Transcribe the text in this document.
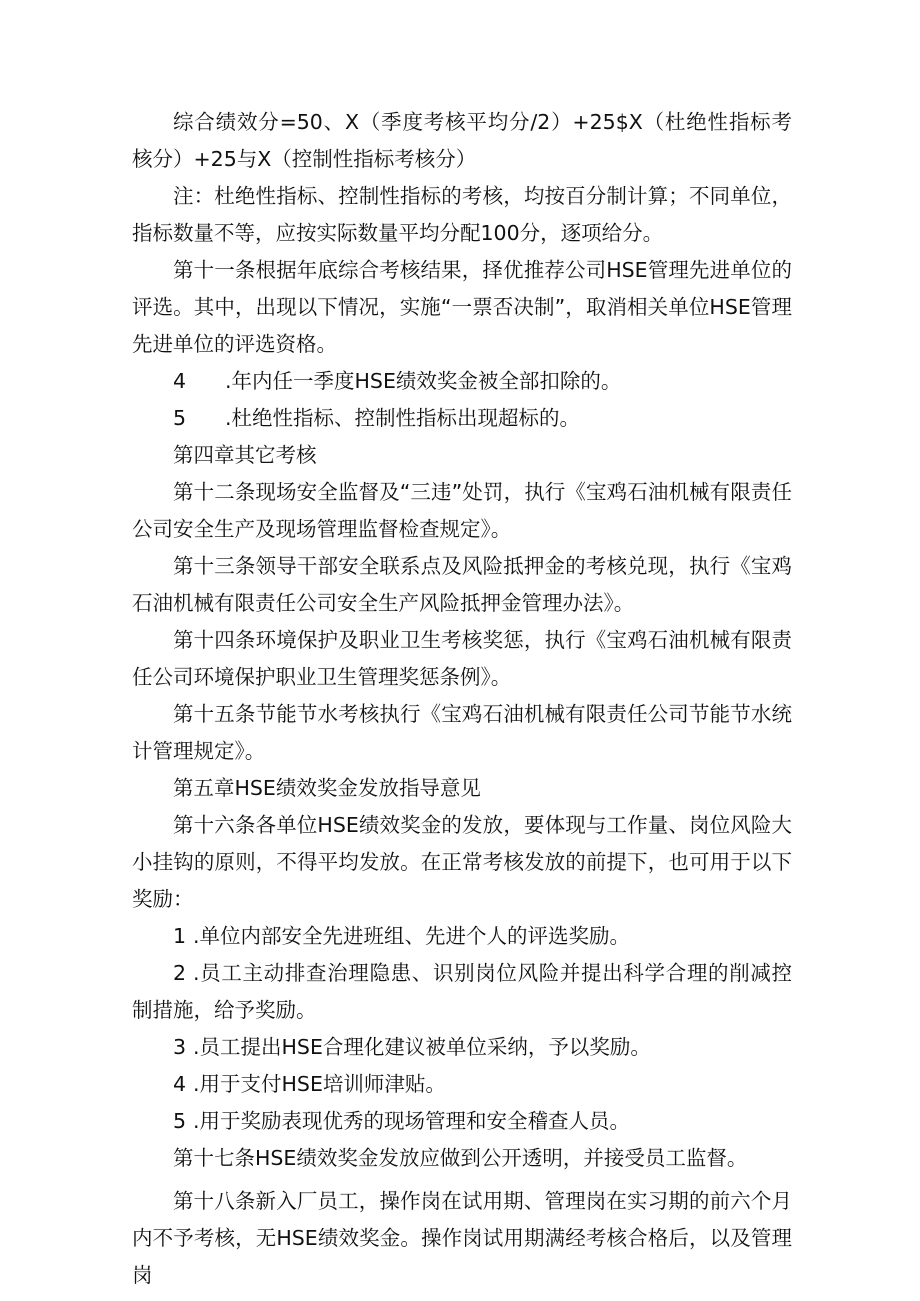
综合绩效分=50、X（季度考核平均分/2）+25$X（杜绝性指标考核分）+25与X（控制性指标考核分）

注：杜绝性指标、控制性指标的考核，均按百分制计算；不同单位，指标数量不等，应按实际数量平均分配100分，逐项给分。

第十一条根据年底综合考核结果，择优推荐公司HSE管理先进单位的评选。其中，出现以下情况，实施“一票否决制”，取消相关单位HSE管理先进单位的评选资格。

4 .年内任一季度HSE绩效奖金被全部扣除的。

5 .杜绝性指标、控制性指标出现超标的。

第四章其它考核

第十二条现场安全监督及“三违”处罚，执行《宝鸡石油机械有限责任公司安全生产及现场管理监督检查规定》。

第十三条领导干部安全联系点及风险抵押金的考核兑现，执行《宝鸡石油机械有限责任公司安全生产风险抵押金管理办法》。

第十四条环境保护及职业卫生考核奖惩，执行《宝鸡石油机械有限责任公司环境保护职业卫生管理奖惩条例》。

第十五条节能节水考核执行《宝鸡石油机械有限责任公司节能节水统计管理规定》。

第五章HSE绩效奖金发放指导意见

第十六条各单位HSE绩效奖金的发放，要体现与工作量、岗位风险大小挂钩的原则，不得平均发放。在正常考核发放的前提下，也可用于以下奖励：

1 .单位内部安全先进班组、先进个人的评选奖励。

2 .员工主动排查治理隐患、识别岗位风险并提出科学合理的削减控制措施，给予奖励。

3 .员工提出HSE合理化建议被单位采纳，予以奖励。

4 .用于支付HSE培训师津贴。

5 .用于奖励表现优秀的现场管理和安全稽查人员。

第十七条HSE绩效奖金发放应做到公开透明，并接受员工监督。

第十八条新入厂员工，操作岗在试用期、管理岗在实习期的前六个月内不予考核，无HSE绩效奖金。操作岗试用期满经考核合格后，以及管理岗
